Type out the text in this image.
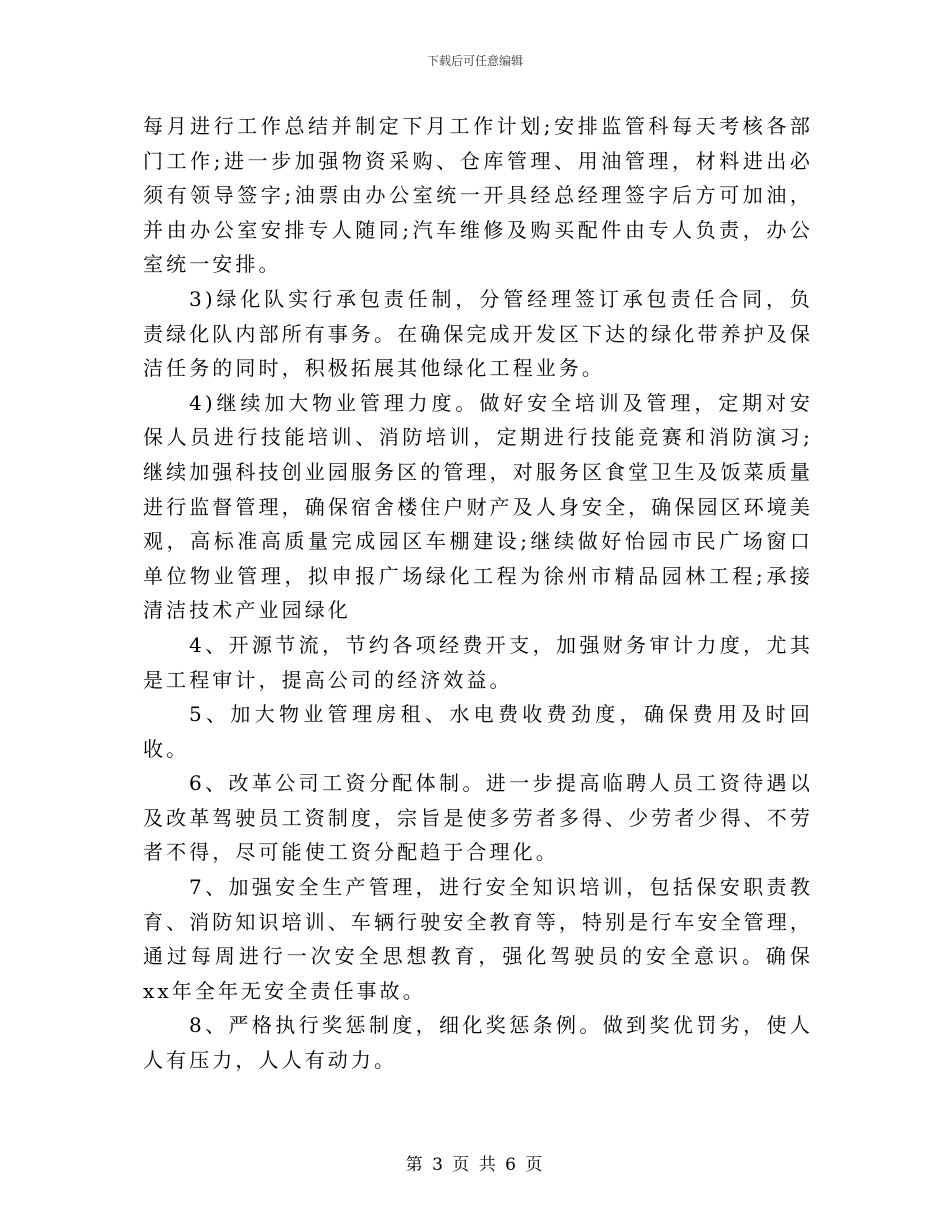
下载后可任意编辑

每月进行工作总结并制定下月工作计划;安排监管科每天考核各部门工作;进一步加强物资采购、仓库管理、用油管理，材料进出必须有领导签字;油票由办公室统一开具经总经理签字后方可加油，并由办公室安排专人随同;汽车维修及购买配件由专人负责，办公室统一安排。

3)绿化队实行承包责任制，分管经理签订承包责任合同，负责绿化队内部所有事务。在确保完成开发区下达的绿化带养护及保洁任务的同时，积极拓展其他绿化工程业务。

4)继续加大物业管理力度。做好安全培训及管理，定期对安保人员进行技能培训、消防培训，定期进行技能竞赛和消防演习;继续加强科技创业园服务区的管理，对服务区食堂卫生及饭菜质量进行监督管理，确保宿舍楼住户财产及人身安全，确保园区环境美观，高标准高质量完成园区车棚建设;继续做好怡园市民广场窗口单位物业管理，拟申报广场绿化工程为徐州市精品园林工程;承接清洁技术产业园绿化

4、开源节流，节约各项经费开支，加强财务审计力度，尤其是工程审计，提高公司的经济效益。

5、加大物业管理房租、水电费收费劲度，确保费用及时回收。

6、改革公司工资分配体制。进一步提高临聘人员工资待遇以及改革驾驶员工资制度，宗旨是使多劳者多得、少劳者少得、不劳者不得，尽可能使工资分配趋于合理化。

7、加强安全生产管理，进行安全知识培训，包括保安职责教育、消防知识培训、车辆行驶安全教育等，特别是行车安全管理，通过每周进行一次安全思想教育，强化驾驶员的安全意识。确保xx年全年无安全责任事故。

8、严格执行奖惩制度，细化奖惩条例。做到奖优罚劣，使人人有压力，人人有动力。

第 3 页 共 6 页
